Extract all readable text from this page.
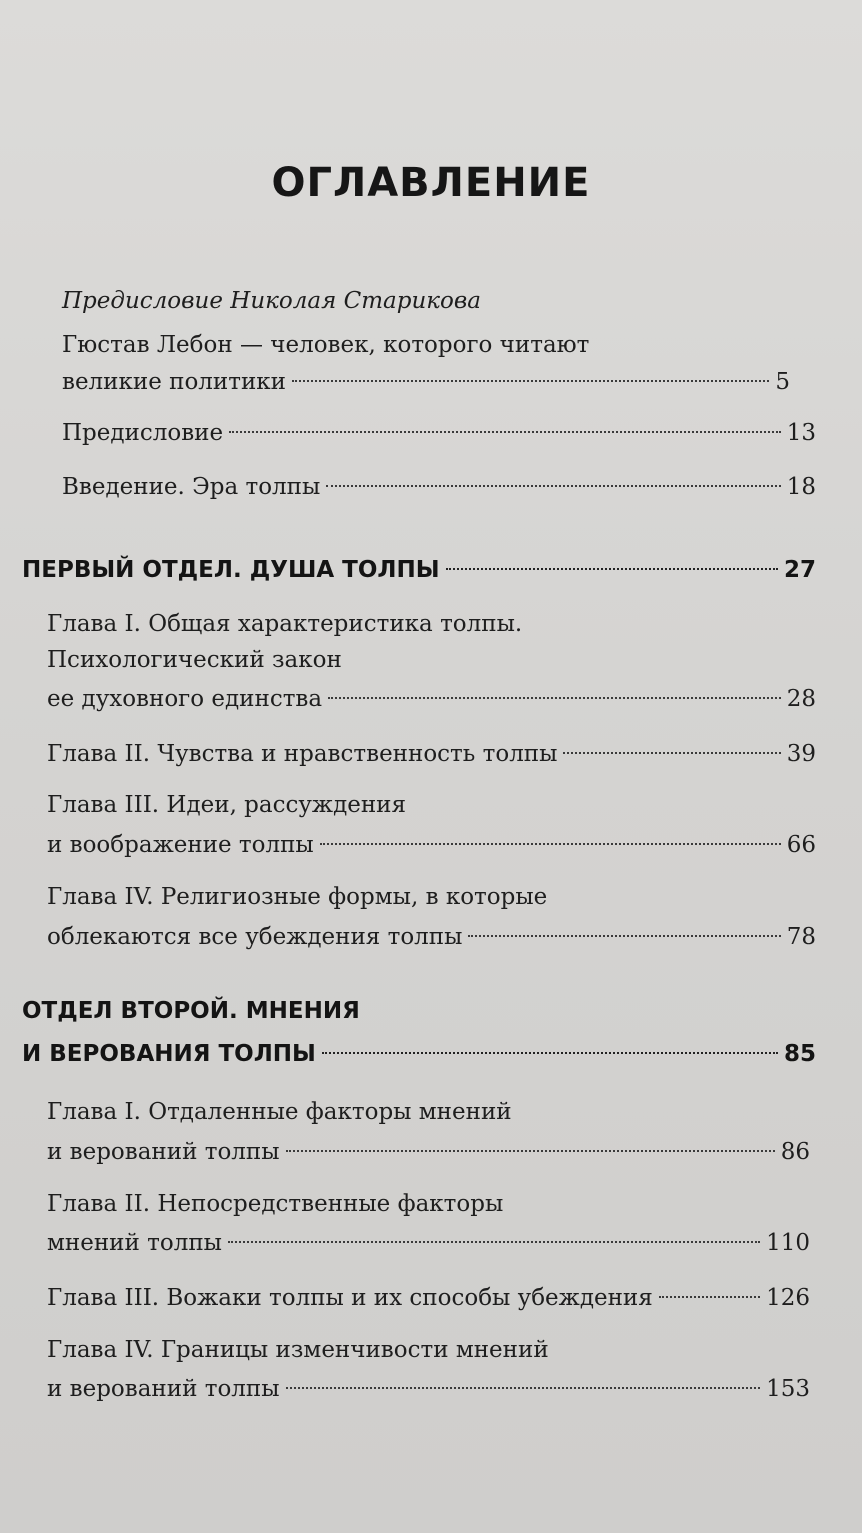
ОГЛАВЛЕНИЕ
Предисловие Николая Старикова
Гюстав Лебон — человек, которого читают
великие политики	5
Предисловие	13
Введение. Эра толпы	18
ПЕРВЫЙ ОТДЕЛ. ДУША ТОЛПЫ	27
Глава I. Общая характеристика толпы.
Психологический закон
ее духовного единства	28
Глава II. Чувства и нравственность толпы	39
Глава III. Идеи, рассуждения
и воображение толпы	66
Глава IV. Религиозные формы, в которые
облекаются все убеждения толпы	78
ОТДЕЛ ВТОРОЙ. МНЕНИЯ
И ВЕРОВАНИЯ ТОЛПЫ	85
Глава I. Отдаленные факторы мнений
и верований толпы	86
Глава II. Непосредственные факторы
мнений толпы	110
Глава III. Вожаки толпы и их способы убеждения	126
Глава IV. Границы изменчивости мнений
и верований толпы	153
